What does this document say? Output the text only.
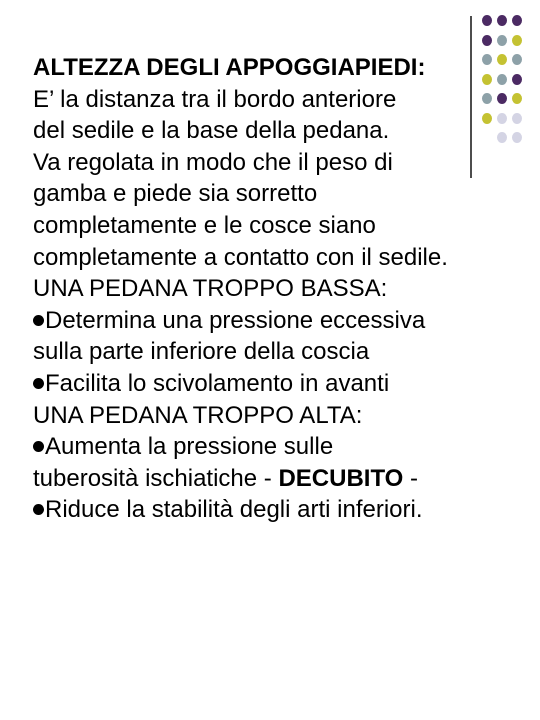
ALTEZZA DEGLI APPOGGIAPIEDI:

E’ la distanza tra il bordo anteriore

del sedile e la base della pedana.

Va regolata in modo che il peso di

gamba e piede sia sorretto

completamente e le cosce siano

completamente a contatto con il sedile.

UNA PEDANA TROPPO BASSA:

Determina una pressione eccessiva

sulla parte inferiore della coscia

Facilita lo scivolamento in avanti

UNA PEDANA TROPPO ALTA:

Aumenta la pressione sulle

tuberosità ischiatiche - DECUBITO -

Riduce la stabilità degli arti inferiori.
